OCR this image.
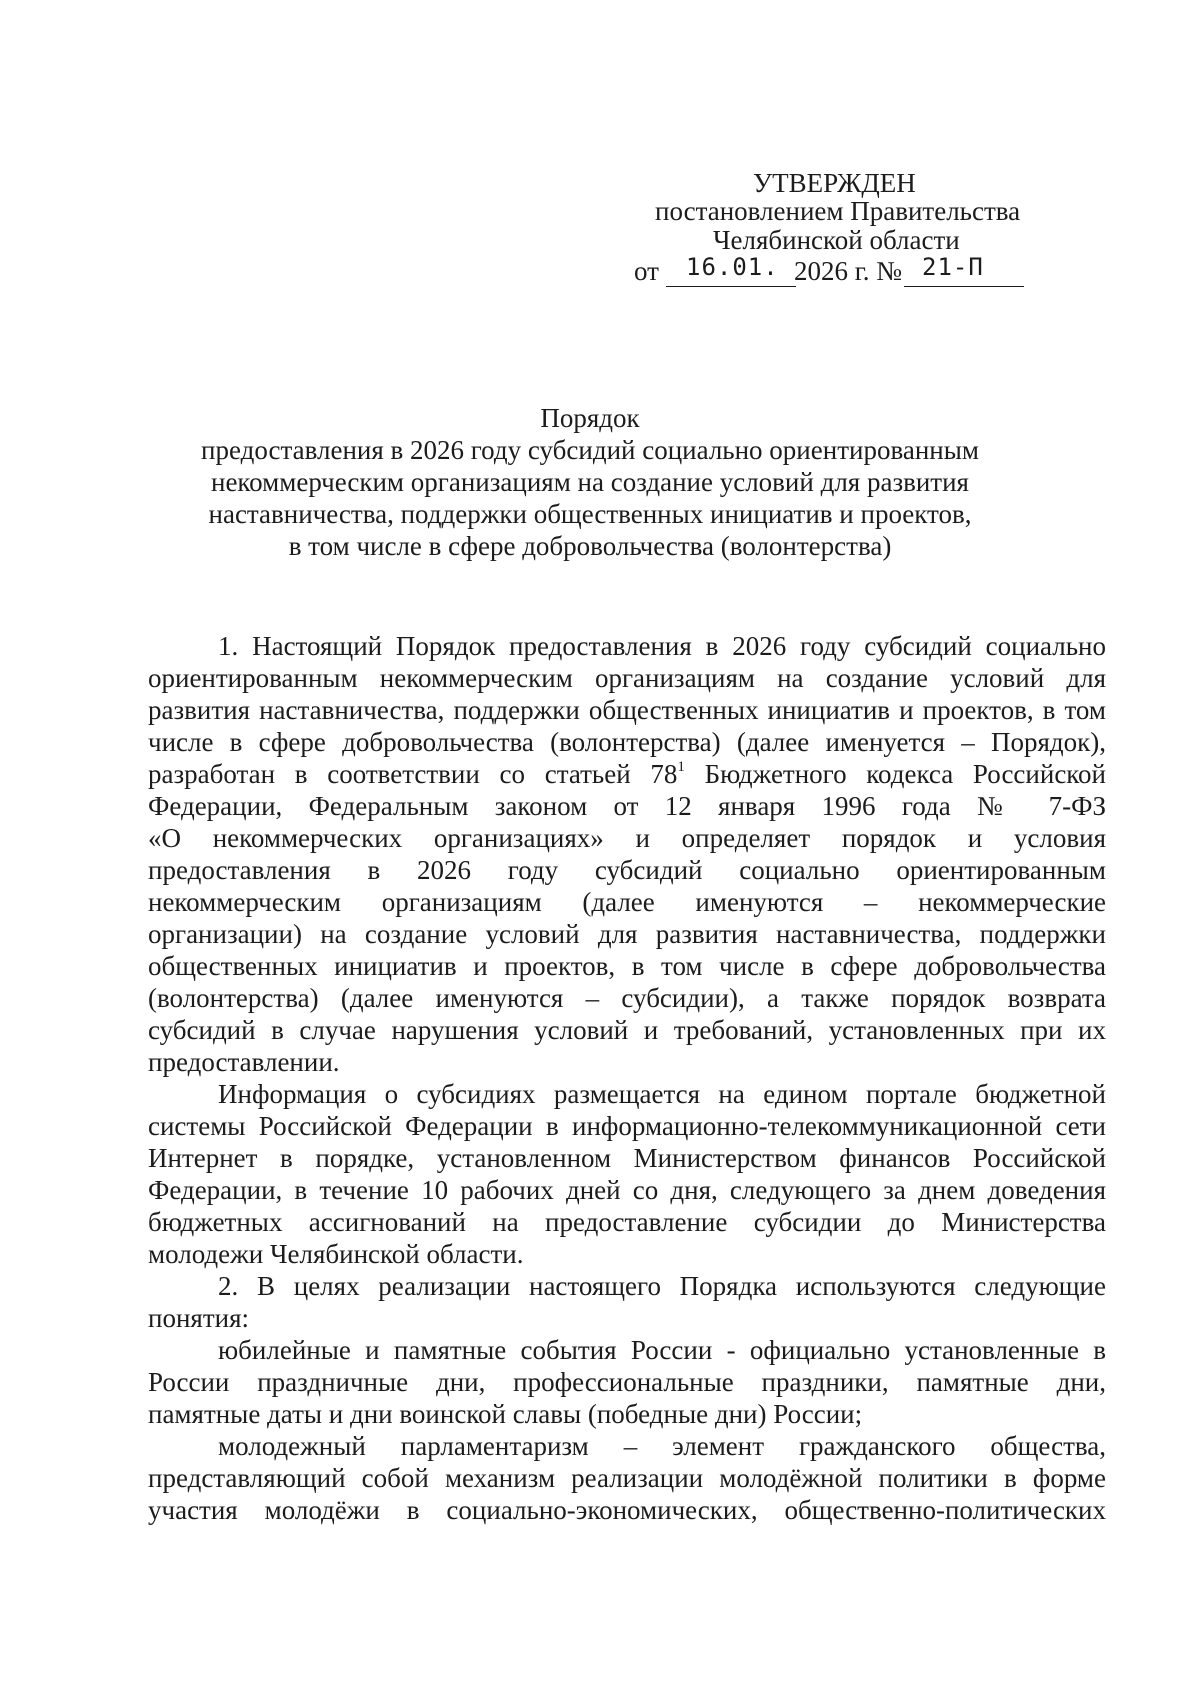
УТВЕРЖДЕН
постановлением Правительства
Челябинской области
от 16.01. 2026 г. № 21-П
Порядок
предоставления в 2026 году субсидий социально ориентированным
некоммерческим организациям на создание условий для развития
наставничества, поддержки общественных инициатив и проектов,
в том числе в сфере добровольчества (волонтерства)
1. Настоящий Порядок предоставления в 2026 году субсидий социально
ориентированным некоммерческим организациям на создание условий для
развития наставничества, поддержки общественных инициатив и проектов, в том
числе в сфере добровольчества (волонтерства) (далее именуется – Порядок),
разработан в соответствии со статьей $78^1$ Бюджетного кодекса Российской
Федерации, Федеральным законом от 12 января 1996 года № 7-ФЗ
«О некоммерческих организациях» и определяет порядок и условия
предоставления в 2026 году субсидий социально ориентированным
некоммерческим организациям (далее именуются – некоммерческие
организации) на создание условий для развития наставничества, поддержки
общественных инициатив и проектов, в том числе в сфере добровольчества
(волонтерства) (далее именуются – субсидии), а также порядок возврата
субсидий в случае нарушения условий и требований, установленных при их
предоставлении.
Информация о субсидиях размещается на едином портале бюджетной
системы Российской Федерации в информационно-телекоммуникационной сети
Интернет в порядке, установленном Министерством финансов Российской
Федерации, в течение 10 рабочих дней со дня, следующего за днем доведения
бюджетных ассигнований на предоставление субсидии до Министерства
молодежи Челябинской области.
2. В целях реализации настоящего Порядка используются следующие
понятия:
юбилейные и памятные события России - официально установленные в
России праздничные дни, профессиональные праздники, памятные дни,
памятные даты и дни воинской славы (победные дни) России;
молодежный парламентаризм – элемент гражданского общества,
представляющий собой механизм реализации молодёжной политики в форме
участия молодёжи в социально-экономических, общественно-политических
